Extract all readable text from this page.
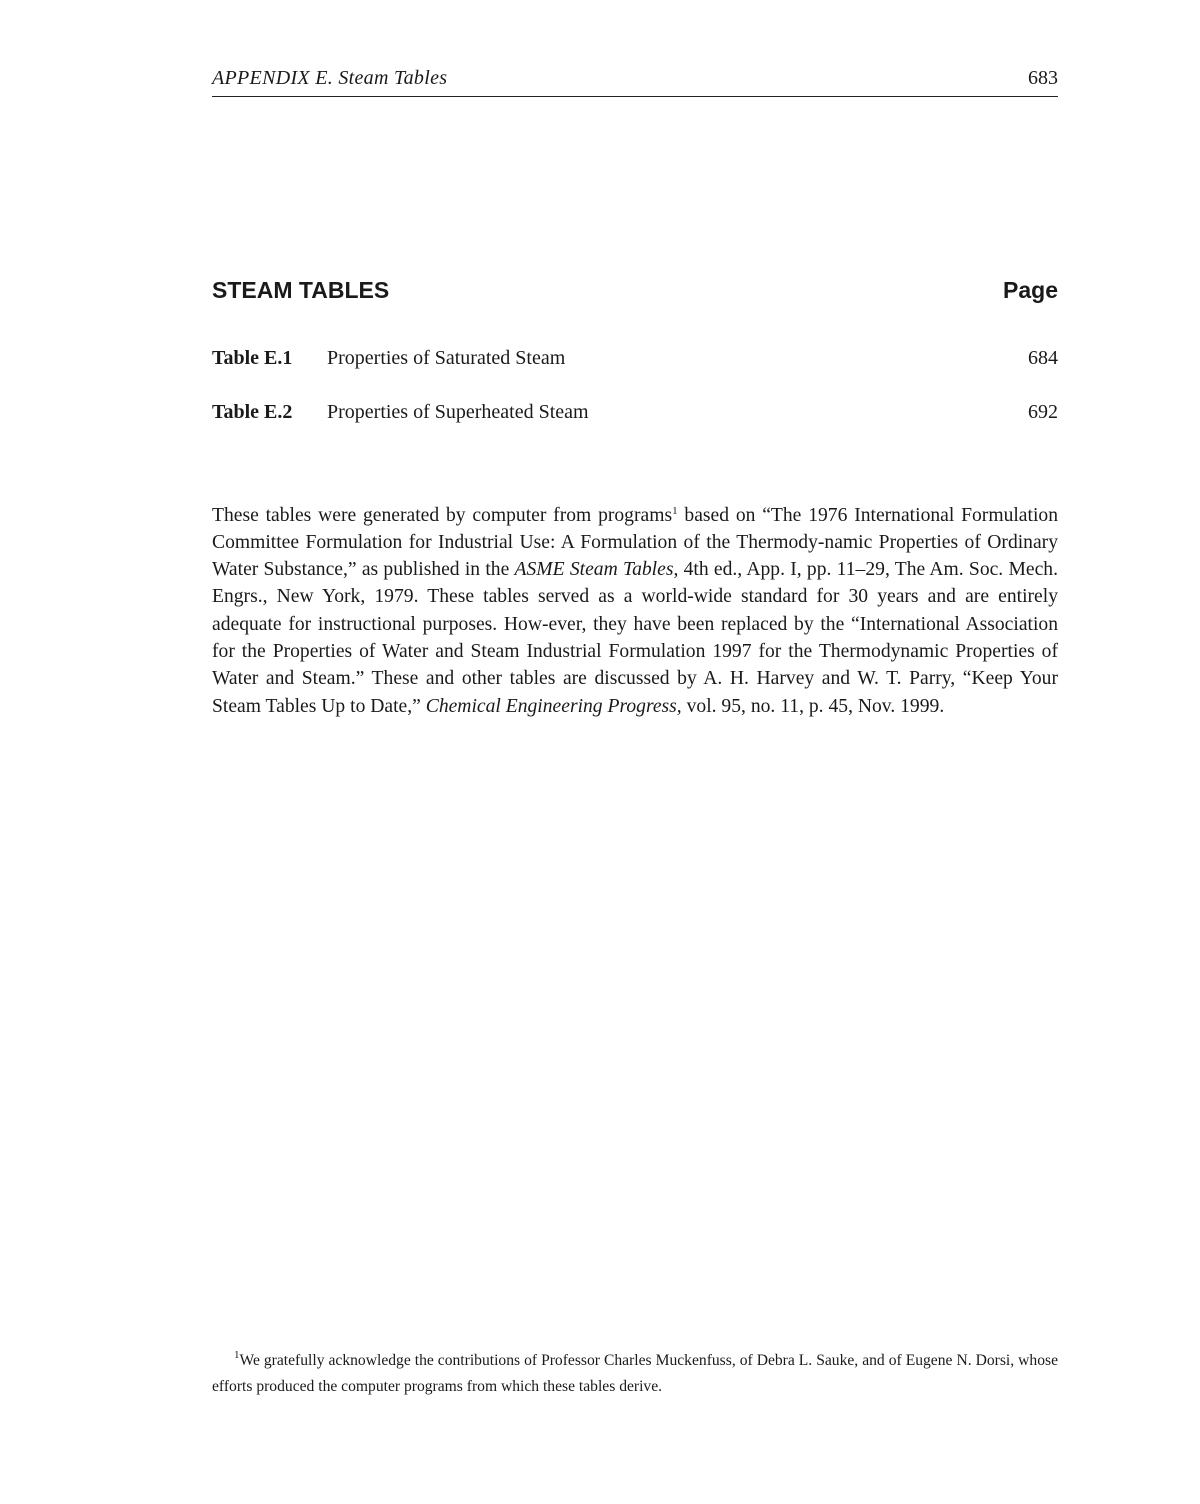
APPENDIX E. Steam Tables	683
STEAM TABLES	Page
Table E.1 Properties of Saturated Steam	684
Table E.2 Properties of Superheated Steam	692

These tables were generated by computer from programs$^1$ based on “The 1976 International Formulation Committee Formulation for Industrial Use: A Formulation of the Thermody-namic Properties of Ordinary Water Substance,” as published in the ASME Steam Tables, 4th ed., App. I, pp. 11–29, The Am. Soc. Mech. Engrs., New York, 1979. These tables served as a world-wide standard for 30 years and are entirely adequate for instructional purposes. How-ever, they have been replaced by the “International Association for the Properties of Water and Steam Industrial Formulation 1997 for the Thermodynamic Properties of Water and Steam.” These and other tables are discussed by A. H. Harvey and W. T. Parry, “Keep Your Steam Tables Up to Date,” Chemical Engineering Progress, vol. 95, no. 11, p. 45, Nov. 1999.

$^1$We gratefully acknowledge the contributions of Professor Charles Muckenfuss, of Debra L. Sauke, and of Eugene N. Dorsi, whose efforts produced the computer programs from which these tables derive.
